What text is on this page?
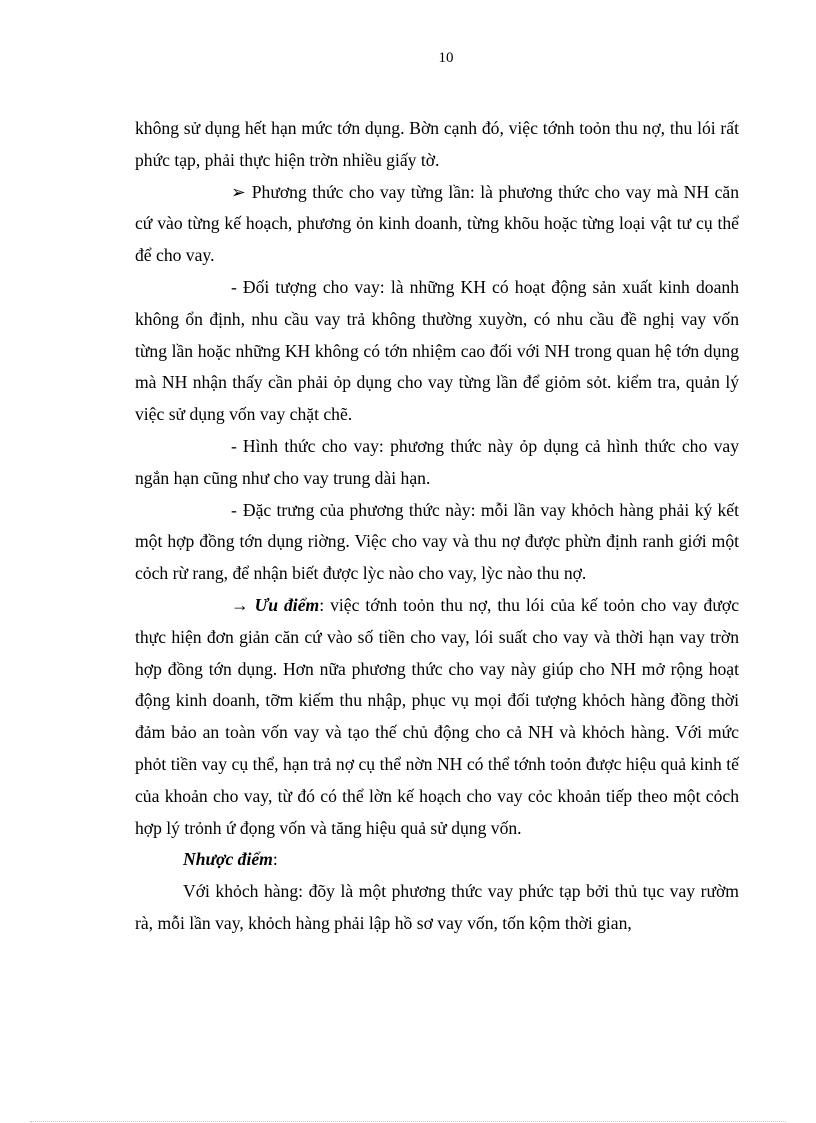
10

không sử dụng hết hạn mức tớn dụng. Bờn cạnh đó, việc tớnh toỏn thu nợ, thu lói rất phức tạp, phải thực hiện trờn nhiều giấy tờ.

➢ Phương thức cho vay từng lần: là phương thức cho vay mà NH căn cứ vào từng kế hoạch, phương ỏn kinh doanh, từng khõu hoặc từng loại vật tư cụ thể để cho vay.

- Đối tượng cho vay: là những KH có hoạt động sản xuất kinh doanh không ổn định, nhu cầu vay trả không thường xuyờn, có nhu cầu đề nghị vay vốn từng lần hoặc những KH không có tớn nhiệm cao đối với NH trong quan hệ tớn dụng mà NH nhận thấy cần phải ỏp dụng cho vay từng lần để giỏm sỏt. kiểm tra, quản lý việc sử dụng vốn vay chặt chẽ.

- Hình thức cho vay: phương thức này ỏp dụng cả hình thức cho vay ngắn hạn cũng như cho vay trung dài hạn.

- Đặc trưng của phương thức này: mỗi lần vay khỏch hàng phải ký kết một hợp đồng tớn dụng riờng. Việc cho vay và thu nợ được phừn định ranh giới một cỏch rừ rang, để nhận biết được lỳc nào cho vay, lỳc nào thu nợ.

→ Ưu điểm: việc tớnh toỏn thu nợ, thu lói của kế toỏn cho vay được thực hiện đơn giản căn cứ vào số tiền cho vay, lói suất cho vay và thời hạn vay trờn hợp đồng tớn dụng. Hơn nữa phương thức cho vay này giúp cho NH mở rộng hoạt động kinh doanh, tỡm kiếm thu nhập, phục vụ mọi đối tượng khỏch hàng đồng thời đảm bảo an toàn vốn vay và tạo thế chủ động cho cả NH và khỏch hàng. Với mức phỏt tiền vay cụ thể, hạn trả nợ cụ thể nờn NH có thể tớnh toỏn được hiệu quả kinh tế của khoản cho vay, từ đó có thể lờn kế hoạch cho vay cỏc khoản tiếp theo một cỏch hợp lý trỏnh ứ đọng vốn và tăng hiệu quả sử dụng vốn.

Nhược điểm:

Với khỏch hàng: đõy là một phương thức vay phức tạp bởi thủ tục vay rườm rà, mỗi lần vay, khỏch hàng phải lập hồ sơ vay vốn, tốn kộm thời gian,
